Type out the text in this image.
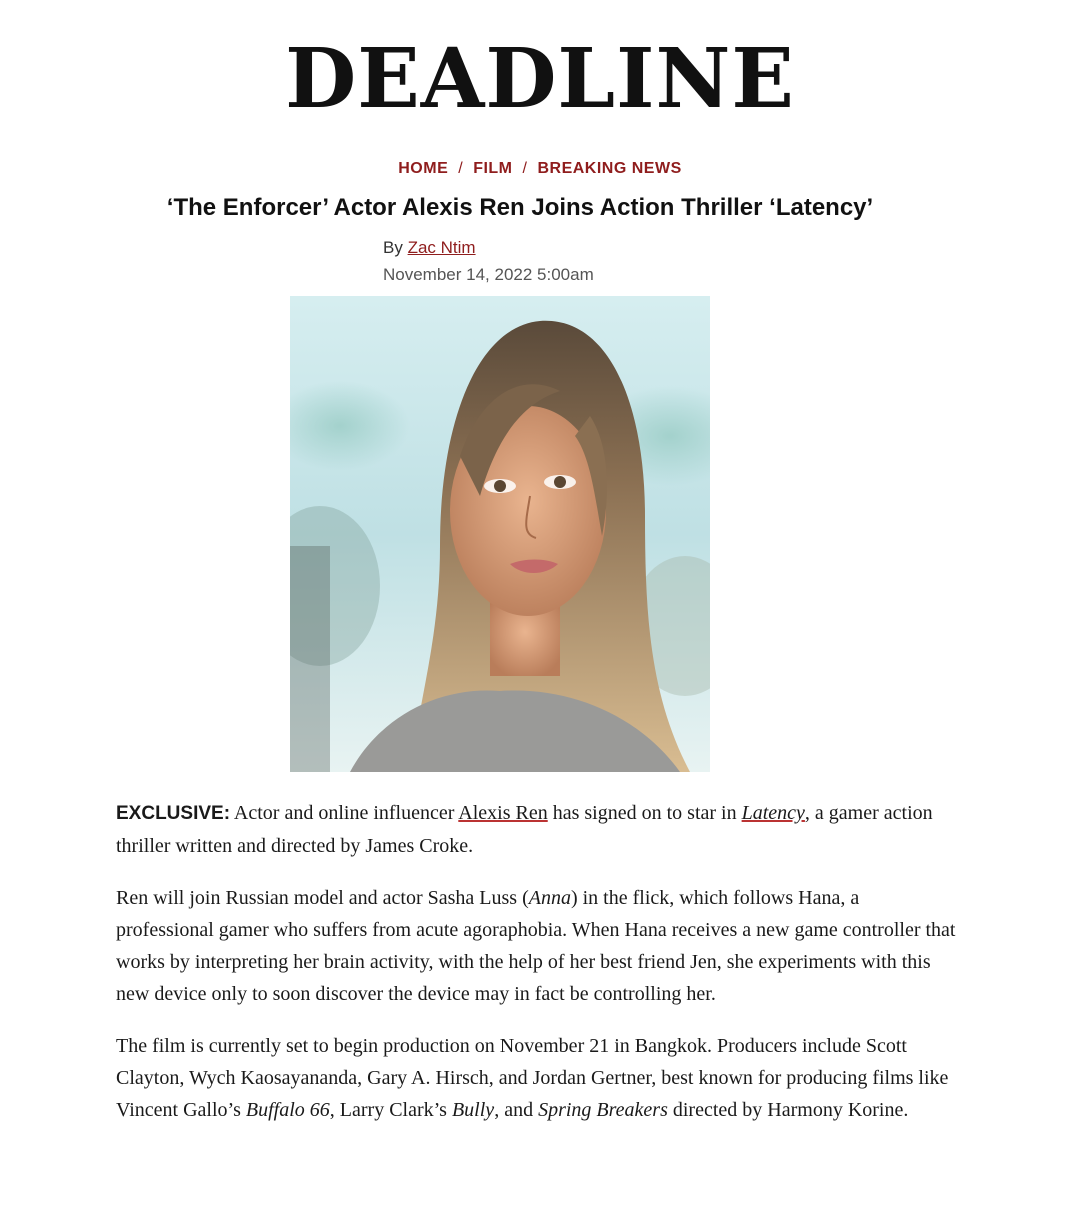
DEADLINE
HOME / FILM / BREAKING NEWS
‘The Enforcer’ Actor Alexis Ren Joins Action Thriller ‘Latency’
By Zac Ntim
November 14, 2022 5:00am

EXCLUSIVE: Actor and online influencer Alexis Ren has signed on to star in Latency, a gamer action thriller written and directed by James Croke.

Ren will join Russian model and actor Sasha Luss (Anna) in the flick, which follows Hana, a professional gamer who suffers from acute agoraphobia. When Hana receives a new game controller that works by interpreting her brain activity, with the help of her best friend Jen, she experiments with this new device only to soon discover the device may in fact be controlling her.

The film is currently set to begin production on November 21 in Bangkok. Producers include Scott Clayton, Wych Kaosayananda, Gary A. Hirsch, and Jordan Gertner, best known for producing films like Vincent Gallo’s Buffalo 66, Larry Clark’s Bully, and Spring Breakers directed by Harmony Korine.
